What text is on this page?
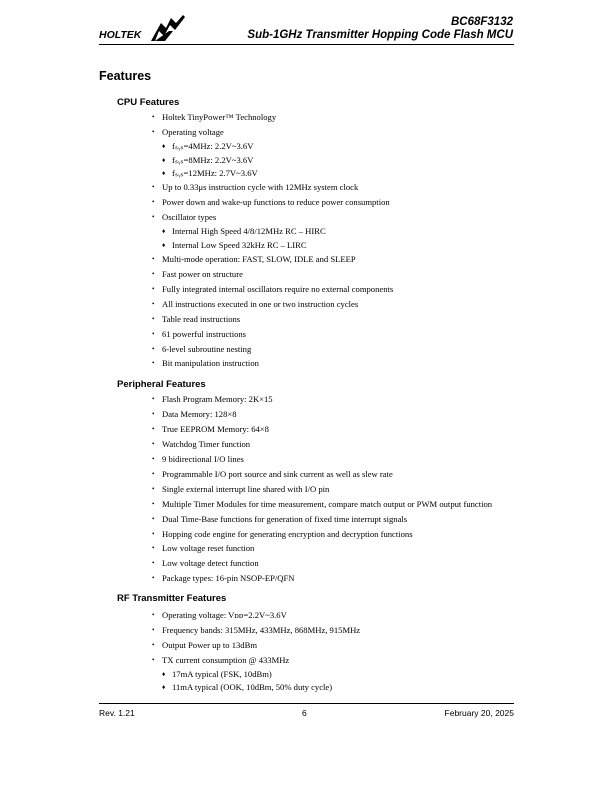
HOLTEK
BC68F3132
Sub-1GHz Transmitter Hopping Code Flash MCU
Features
CPU Features
• Holtek TinyPower™ Technology
• Operating voltage
♦ fₛᵧₛ=4MHz: 2.2V~3.6V
♦ fₛᵧₛ=8MHz: 2.2V~3.6V
♦ fₛᵧₛ=12MHz: 2.7V~3.6V
• Up to 0.33μs instruction cycle with 12MHz system clock
• Power down and wake-up functions to reduce power consumption
• Oscillator types
♦ Internal High Speed 4/8/12MHz RC – HIRC
♦ Internal Low Speed 32kHz RC – LIRC
• Multi-mode operation: FAST, SLOW, IDLE and SLEEP
• Fast power on structure
• Fully integrated internal oscillators require no external components
• All instructions executed in one or two instruction cycles
• Table read instructions
• 61 powerful instructions
• 6-level subroutine nesting
• Bit manipulation instruction
Peripheral Features
• Flash Program Memory: 2K×15
• Data Memory: 128×8
• True EEPROM Memory: 64×8
• Watchdog Timer function
• 9 bidirectional I/O lines
• Programmable I/O port source and sink current as well as slew rate
• Single external interrupt line shared with I/O pin
• Multiple Timer Modules for time measurement, compare match output or PWM output function
• Dual Time-Base functions for generation of fixed time interrupt signals
• Hopping code engine for generating encryption and decryption functions
• Low voltage reset function
• Low voltage detect function
• Package types: 16-pin NSOP-EP/QFN
RF Transmitter Features
• Operating voltage: Vᴅᴅ=2.2V~3.6V
• Frequency bands: 315MHz, 433MHz, 868MHz, 915MHz
• Output Power up to 13dBm
• TX current consumption @ 433MHz
♦ 17mA typical (FSK, 10dBm)
♦ 11mA typical (OOK, 10dBm, 50% duty cycle)
Rev. 1.21	6	February 20, 2025
